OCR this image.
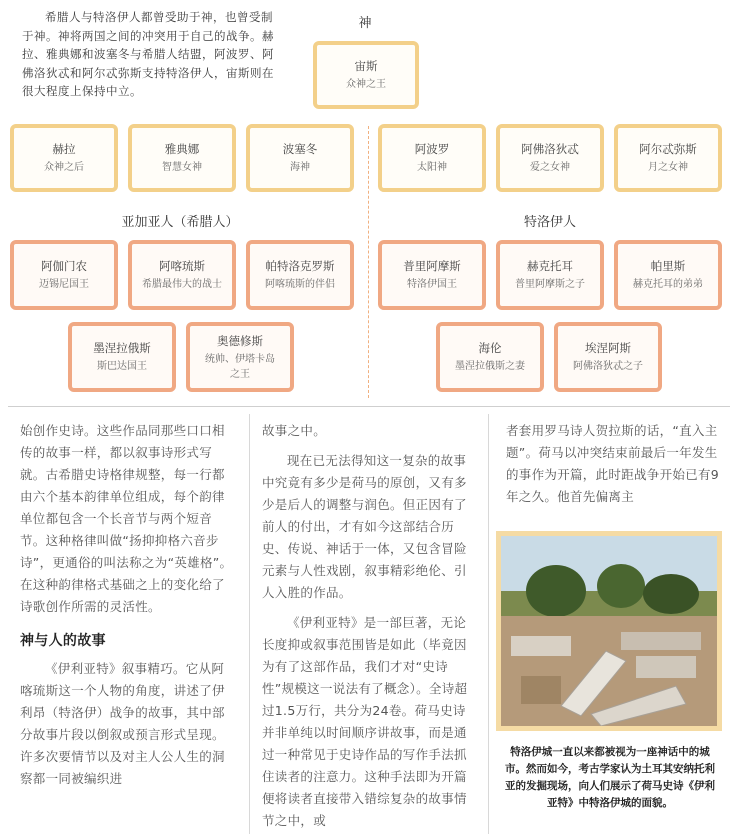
希腊人与特洛伊人都曾受助于神，也曾受制于神。神将两国之间的冲突用于自己的战争。赫拉、雅典娜和波塞冬与希腊人结盟，阿波罗、阿佛洛狄忒和阿尔忒弥斯支持特洛伊人，宙斯则在很大程度上保持中立。
神
宙斯
众神之王
赫拉
众神之后
雅典娜
智慧女神
波塞冬
海神
阿波罗
太阳神
阿佛洛狄忒
爱之女神
阿尔忒弥斯
月之女神
亚加亚人（希腊人）	特洛伊人
阿伽门农
迈锡尼国王
阿喀琉斯
希腊最伟大的战士
帕特洛克罗斯
阿喀琉斯的伴侣
墨涅拉俄斯
斯巴达国王
奥德修斯
统帅、伊塔卡岛之王
普里阿摩斯
特洛伊国王
赫克托耳
普里阿摩斯之子
帕里斯
赫克托耳的弟弟
海伦
墨涅拉俄斯之妻
埃涅阿斯
阿佛洛狄忒之子

始创作史诗。这些作品同那些口口相传的故事一样，都以叙事诗形式写就。古希腊史诗格律规整，每一行都由六个基本韵律单位组成，每个韵律单位都包含一个长音节与两个短音节。这种格律叫做“扬抑抑格六音步诗”，更通俗的叫法称之为“英雄格”。在这种韵律格式基础之上的变化给了诗歌创作所需的灵活性。

神与人的故事

《伊利亚特》叙事精巧。它从阿喀琉斯这一个人物的角度，讲述了伊利昂（特洛伊）战争的故事，其中部分故事片段以倒叙或预言形式呈现。许多次要情节以及对主人公人生的洞察都一同被编织进

故事之中。

现在已无法得知这一复杂的故事中究竟有多少是荷马的原创，又有多少是后人的调整与润色。但正因有了前人的付出，才有如今这部结合历史、传说、神话于一体，又包含冒险元素与人性戏剧，叙事精彩绝伦、引人入胜的作品。

《伊利亚特》是一部巨著，无论长度抑或叙事范围皆是如此（毕竟因为有了这部作品，我们才对“史诗性”规模这一说法有了概念）。全诗超过1.5万行，共分为24卷。荷马史诗并非单纯以时间顺序讲故事，而是通过一种常见于史诗作品的写作手法抓住读者的注意力。这种手法即为开篇便将读者直接带入错综复杂的故事情节之中，或

者套用罗马诗人贺拉斯的话，“直入主题”。荷马以冲突结束前最后一年发生的事作为开篇，此时距战争开始已有9年之久。他首先偏离主

特洛伊城一直以来都被视为一座神话中的城市。然而如今，考古学家认为土耳其安纳托利亚的发掘现场，向人们展示了荷马史诗《伊利亚特》中特洛伊城的面貌。
